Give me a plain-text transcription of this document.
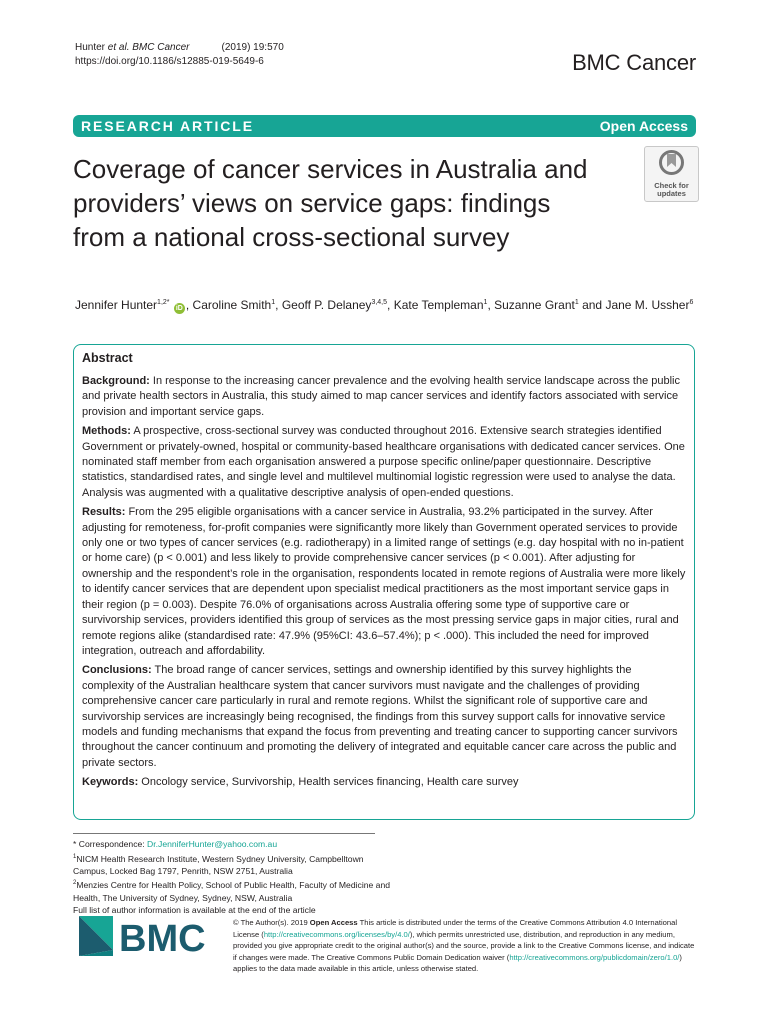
Hunter et al. BMC Cancer	(2019) 19:570
https://doi.org/10.1186/s12885-019-5649-6	BMC Cancer
RESEARCH ARTICLE	Open Access
Coverage of cancer services in Australia and providers’ views on service gaps: findings from a national cross-sectional survey
Check for
updates
Jennifer Hunter$^{1,2*}$ iD , Caroline Smith$^1$, Geoff P. Delaney$^{3,4,5}$, Kate Templeman$^1$, Suzanne Grant$^1$ and Jane M. Ussher$^6$
Abstract

Background: In response to the increasing cancer prevalence and the evolving health service landscape across the public and private health sectors in Australia, this study aimed to map cancer services and identify factors associated with service provision and important service gaps.

Methods: A prospective, cross-sectional survey was conducted throughout 2016. Extensive search strategies identified Government or privately-owned, hospital or community-based healthcare organisations with dedicated cancer services. One nominated staff member from each organisation answered a purpose specific online/paper questionnaire. Descriptive statistics, standardised rates, and single level and multilevel multinomial logistic regression were used to analyse the data. Analysis was augmented with a qualitative descriptive analysis of open-ended questions.

Results: From the 295 eligible organisations with a cancer service in Australia, 93.2% participated in the survey. After adjusting for remoteness, for-profit companies were significantly more likely than Government operated services to provide only one or two types of cancer services (e.g. radiotherapy) in a limited range of settings (e.g. day hospital with no in-patient or home care) (p < 0.001) and less likely to provide comprehensive cancer services (p < 0.001). After adjusting for ownership and the respondent’s role in the organisation, respondents located in remote regions of Australia were more likely to identify cancer services that are dependent upon specialist medical practitioners as the most important service gaps in their region (p = 0.003). Despite 76.0% of organisations across Australia offering some type of supportive care or survivorship services, providers identified this group of services as the most pressing service gaps in major cities, rural and remote regions alike (standardised rate: 47.9% (95%CI: 43.6–57.4%); p < .000). This included the need for improved integration, outreach and affordability.

Conclusions: The broad range of cancer services, settings and ownership identified by this survey highlights the complexity of the Australian healthcare system that cancer survivors must navigate and the challenges of providing comprehensive cancer care particularly in rural and remote regions. Whilst the significant role of supportive care and survivorship services are increasingly being recognised, the findings from this survey support calls for innovative service models and funding mechanisms that expand the focus from preventing and treating cancer to supporting cancer survivors throughout the cancer continuum and promoting the delivery of integrated and equitable cancer care across the public and private sectors.

Keywords: Oncology service, Survivorship, Health services financing, Health care survey

* Correspondence: Dr.JenniferHunter@yahoo.com.au
$^1$NICM Health Research Institute, Western Sydney University, Campbelltown Campus, Locked Bag 1797, Penrith, NSW 2751, Australia
$^2$Menzies Centre for Health Policy, School of Public Health, Faculty of Medicine and Health, The University of Sydney, Sydney, NSW, Australia
Full list of author information is available at the end of the article
BMC	© The Author(s). 2019 Open Access This article is distributed under the terms of the Creative Commons Attribution 4.0 International License (http://creativecommons.org/licenses/by/4.0/), which permits unrestricted use, distribution, and reproduction in any medium, provided you give appropriate credit to the original author(s) and the source, provide a link to the Creative Commons license, and indicate if changes were made. The Creative Commons Public Domain Dedication waiver (http://creativecommons.org/publicdomain/zero/1.0/) applies to the data made available in this article, unless otherwise stated.
